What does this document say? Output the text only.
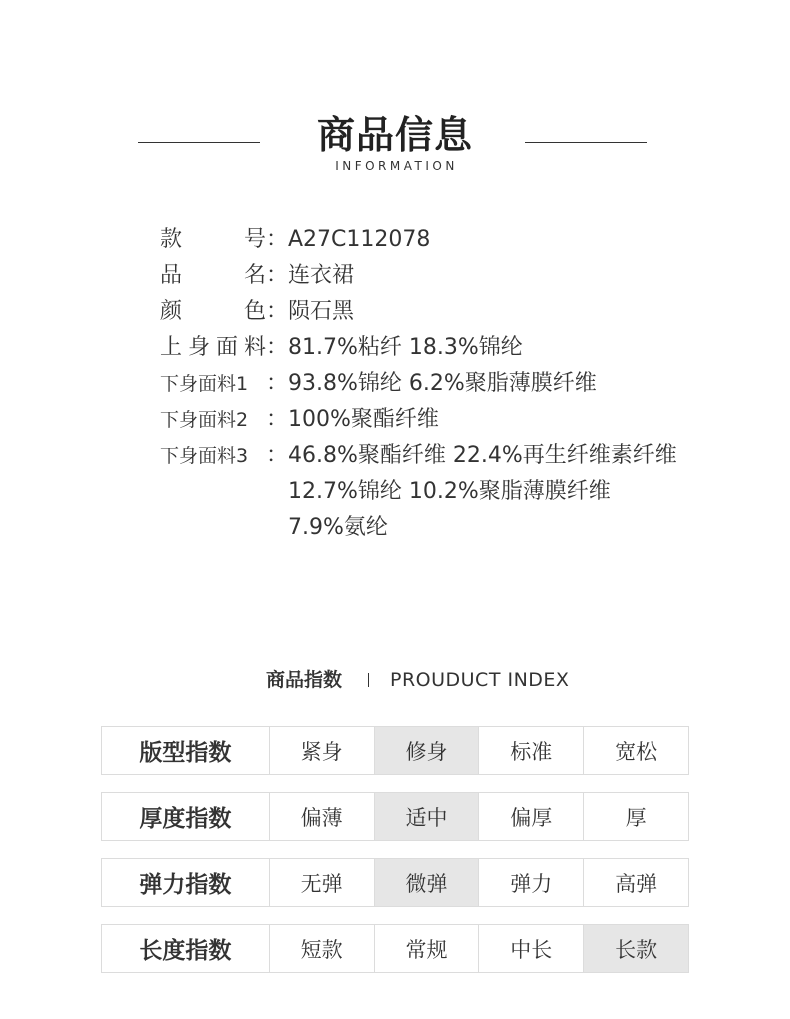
商品信息
INFORMATION
款	号 ： A27C112078
品	名 ： 连衣裙
颜	色 ： 陨石黑
上 身 面 料 ： 81.7%粘纤 18.3%锦纶
下身面料1 ： 93.8%锦纶 6.2%聚脂薄膜纤维
下身面料2 ： 100%聚酯纤维
下身面料3 ： 46.8%聚酯纤维 22.4%再生纤维素纤维
12.7%锦纶 10.2%聚脂薄膜纤维
7.9%氨纶
商品指数	PROUDUCT INDEX
版型指数	紧身	修身	标准	宽松
厚度指数	偏薄	适中	偏厚	厚
弹力指数	无弹	微弹	弹力	高弹
长度指数	短款	常规	中长	长款
